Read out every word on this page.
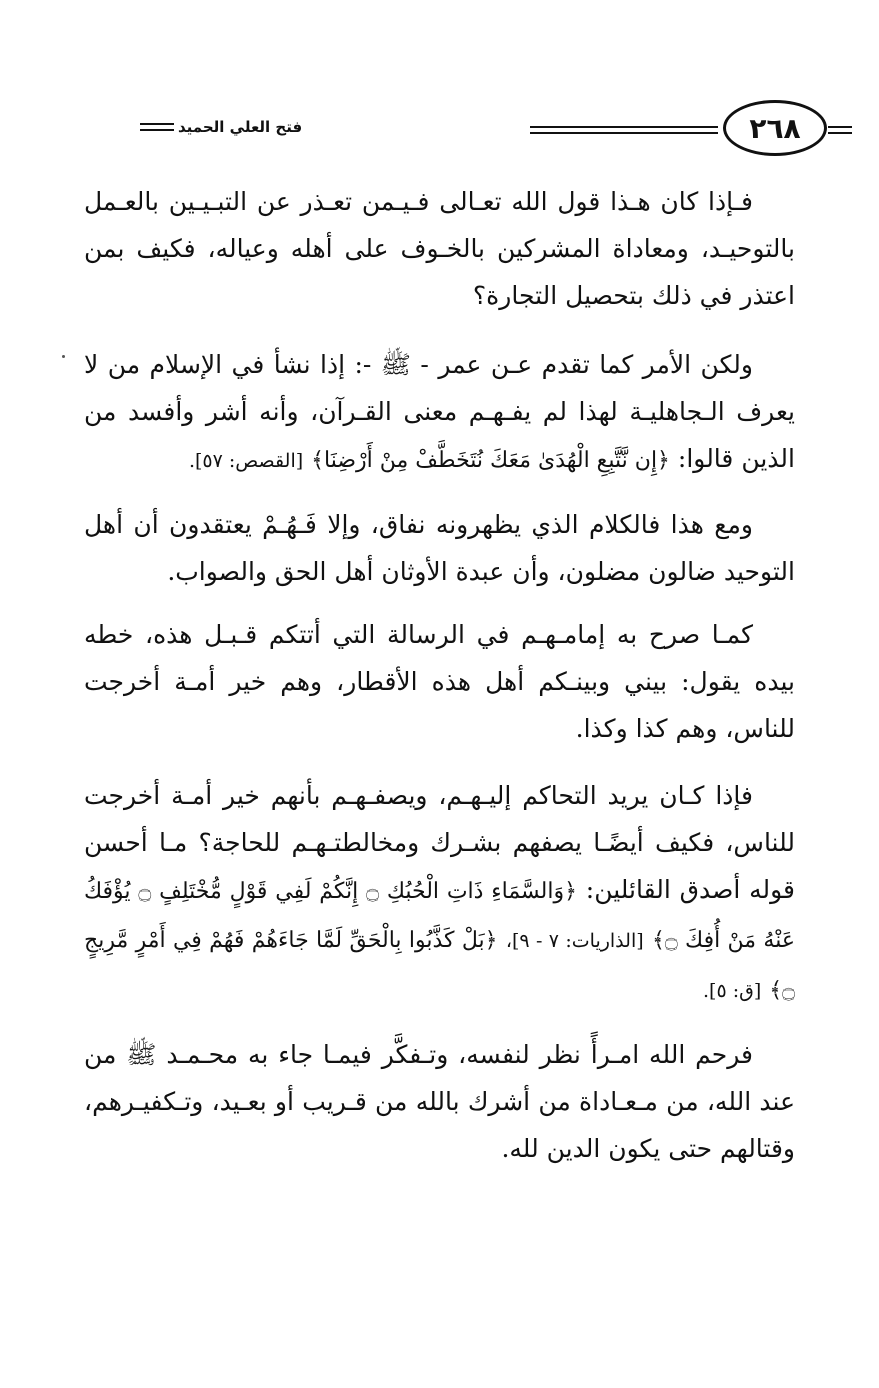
فتح العلي الحميد	٢٦٨

فـإذا كان هـذا قول الله تعـالى فـيـمن تعـذر عن التبـيـين بالعـمل بالتوحيـد، ومعاداة المشركين بالخـوف على أهله وعياله، فكيف بمن اعتذر في ذلك بتحصيل التجارة؟

ولكن الأمر كما تقدم عـن عمر - ﷺ -: إذا نشأ في الإسلام من لا يعرف الـجاهليـة لهذا لم يفـهـم معنى القـرآن، وأنه أشر وأفسد من الذين قالوا: ﴿إِن نَّتَّبِعِ الْهُدَىٰ مَعَكَ نُتَخَطَّفْ مِنْ أَرْضِنَا﴾ [القصص: ٥٧].

ومع هذا فالكلام الذي يظهرونه نفاق، وإلا فَـهُـمْ يعتقدون أن أهل التوحيد ضالون مضلون، وأن عبدة الأوثان أهل الحق والصواب.

كمـا صرح به إمامـهـم في الرسالة التي أتتكم قـبـل هذه، خطه بيده يقول: بيني وبينـكم أهل هذه الأقطار، وهم خير أمـة أخرجت للناس، وهم كذا وكذا.

فإذا كـان يريد التحاكم إليـهـم، ويصفـهـم بأنهم خير أمـة أخرجت للناس، فكيف أيضًـا يصفهم بشـرك ومخالطتـهـم للحاجة؟ مـا أحسن قوله أصدق القائلين: ﴿وَالسَّمَاءِ ذَاتِ الْحُبُكِ ۝ إِنَّكُمْ لَفِي قَوْلٍ مُّخْتَلِفٍ ۝ يُؤْفَكُ عَنْهُ مَنْ أُفِكَ ۝﴾ [الذاريات: ٧ - ٩]، ﴿بَلْ كَذَّبُوا بِالْحَقِّ لَمَّا جَاءَهُمْ فَهُمْ فِي أَمْرٍ مَّرِيجٍ ۝﴾ [ق: ٥].

فرحم الله امـرأً نظر لنفسه، وتـفكَّر فيمـا جاء به محـمـد ﷺ من عند الله، من مـعـاداة من أشرك بالله من قـريب أو بعـيد، وتـكفيـرهم، وقتالهم حتى يكون الدين لله.
